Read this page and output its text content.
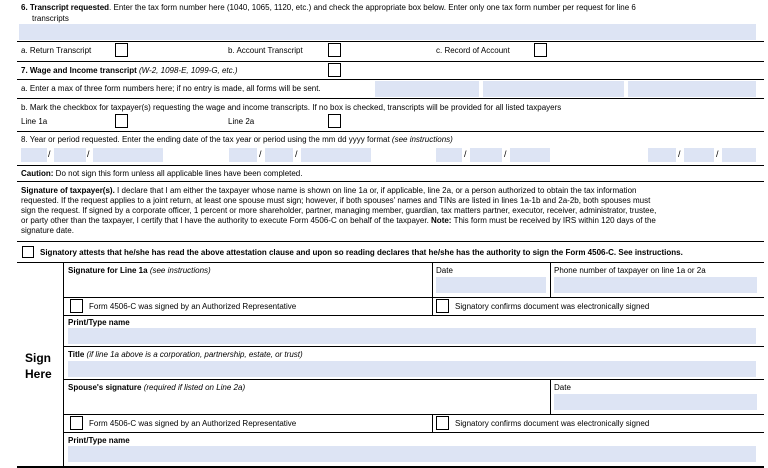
6. Transcript requested. Enter the tax form number here (1040, 1065, 1120, etc.) and check the appropriate box below. Enter only one tax form number per request for line 6
transcripts
a. Return Transcript	b. Account Transcript	c. Record of Account
7. Wage and Income transcript (W-2, 1098-E, 1099-G, etc.)
a. Enter a max of three form numbers here; if no entry is made, all forms will be sent.
b. Mark the checkbox for taxpayer(s) requesting the wage and income transcripts. If no box is checked, transcripts will be provided for all listed taxpayers
Line 1a	Line 2a
8. Year or period requested. Enter the ending date of the tax year or period using the mm dd yyyy format (see instructions)
/	/	/	/	/	/	/	/
Caution: Do not sign this form unless all applicable lines have been completed.
Signature of taxpayer(s). I declare that I am either the taxpayer whose name is shown on line 1a or, if applicable, line 2a, or a person authorized to obtain the tax information
requested. If the request applies to a joint return, at least one spouse must sign; however, if both spouses' names and TINs are listed in lines 1a-1b and 2a-2b, both spouses must
sign the request. If signed by a corporate officer, 1 percent or more shareholder, partner, managing member, guardian, tax matters partner, executor, receiver, administrator, trustee,
or party other than the taxpayer, I certify that I have the authority to execute Form 4506-C on behalf of the taxpayer. Note: This form must be received by IRS within 120 days of the
signature date.
Signatory attests that he/she has read the above attestation clause and upon so reading declares that he/she has the authority to sign the Form 4506-C. See instructions.
Sign
Here
Signature for Line 1a (see instructions)	Date	Phone number of taxpayer on line 1a or 2a
Form 4506-C was signed by an Authorized Representative	Signatory confirms document was electronically signed
Print/Type name
Title (if line 1a above is a corporation, partnership, estate, or trust)
Spouse's signature (required if listed on Line 2a)	Date
Form 4506-C was signed by an Authorized Representative	Signatory confirms document was electronically signed
Print/Type name
